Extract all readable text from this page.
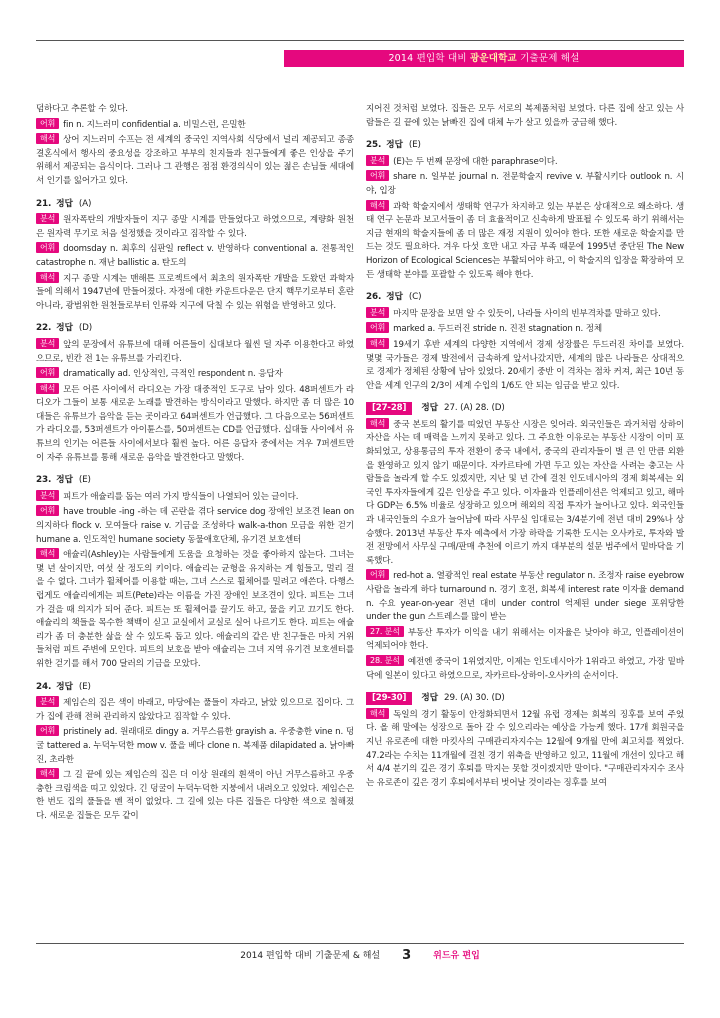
2014 편입학 대비 광운대학교 기출문제 해설

덤하다고 추론할 수 있다.

어휘 fin n. 지느러미 confidential a. 비밀스런, 은밀한

해석 상어 지느러미 수프는 전 세계의 중국인 지역사회 식당에서 널리 제공되고 종종 결혼식에서 행사의 중요성을 강조하고 부부의 친지들과 친구들에게 좋은 인상을 주기 위해서 제공되는 음식이다. 그러나 그 관행은 점점 환경의식이 있는 젊은 손님들 세대에서 인기를 잃어가고 있다.

21. 정답 (A)

분석 원자폭탄의 개발자들이 지구 종말 시계를 만들었다고 하였으므로, 계량화 원천은 원자력 무기로 처음 설정했을 것이라고 짐작할 수 있다.

어휘 doomsday n. 최후의 심판일 reflect v. 반영하다 conventional a. 전통적인 catastrophe n. 재난 ballistic a. 탄도의

해석 지구 종말 시계는 맨해튼 프로젝트에서 최초의 원자폭탄 개발을 도왔던 과학자들에 의해서 1947년에 만들어졌다. 자정에 대한 카운트다운은 단지 핵무기로부터 혼란 아니라, 광범위한 원천들로부터 인류와 지구에 닥칠 수 있는 위험을 반영하고 있다.

22. 정답 (D)

분석 앞의 문장에서 유튜브에 대해 어른들이 십대보다 월씬 덜 자주 이용한다고 하였으므로, 빈칸 전 1는 유튜브를 가리킨다.

어휘 dramatically ad. 인상적인, 극적인 respondent n. 응답자

해석 모든 어른 사이에서 라디오는 가장 대중적인 도구로 남아 있다. 48퍼센트가 라디오가 그들이 보통 새로운 노래를 발견하는 방식이라고 말했다. 하지만 좀 더 많은 10대들은 유튜브가 음악을 듣는 곳이라고 64퍼센트가 언급했다. 그 다음으로는 56퍼센트가 라디오를, 53퍼센트가 아이튠스를, 50퍼센트는 CD를 언급했다. 십대들 사이에서 유튜브의 인기는 어른들 사이에서보다 훨씬 높다. 어른 응답자 중에서는 겨우 7퍼센트만이 자주 유튜브를 통해 새로운 음악을 발견한다고 말했다.

23. 정답 (E)

분석 피트가 애슐리를 돕는 여러 가지 방식들이 나열되어 있는 글이다.

어휘 have trouble -ing -하는 데 곤란을 겪다 service dog 장애인 보조견 lean on 의지하다 flock v. 모여들다 raise v. 기금을 조성하다 walk-a-thon 모금을 위한 걷기 humane a. 인도적인 humane society 동물애호단체, 유기견 보호센터

해석 애슐리(Ashley)는 사람들에게 도움을 요청하는 것을 좋아하지 않는다. 그녀는 몇 년 살이지만, 여섯 살 정도의 키이다. 애슐리는 균형을 유지하는 게 힘들고, 멀리 걸을 수 없다. 그녀가 휠체어를 이용할 때는, 그녀 스스로 휠체어를 밀려고 애쓴다. 다행스럽게도 애슐리에게는 피트(Pete)라는 이름을 가진 장애인 보조견이 있다. 피트는 그녀가 걸을 때 의지가 되어 준다. 피트는 또 휠체어를 끌기도 하고, 물을 키고 끄기도 한다. 애슐리의 책들을 목수한 책백이 싣고 교실에서 교실로 실어 나르기도 한다. 피트는 애슐리가 좀 더 충분한 삶을 살 수 있도록 돕고 있다. 애슐리의 같은 반 친구들은 마치 거위들처럼 피트 주변에 모인다. 피트의 보호을 받아 애슐리는 그녀 지역 유기견 보호센터를 위한 걷기를 해서 700 달러의 기금을 모았다.

24. 정답 (E)

분석 제임슨의 집은 색이 바래고, 마당에는 풀들이 자라고, 낡았 있으므로 집이다. 그가 집에 관해 전혀 관리하지 않았다고 짐작할 수 있다.

어휘 pristinely ad. 원래대로 dingy a. 거무스름한 grayish a. 우중충한 vine n. 덩굴 tattered a. 누덕누덕한 mow v. 풀을 베다 clone n. 복제품 dilapidated a. 낡아빠진, 초라한

해석 그 길 끝에 있는 제임슨의 집은 더 이상 원래의 흰색이 아닌 거무스름하고 우중충한 크림색을 띠고 있었다. 긴 덩굴이 누덕누덕한 지붕에서 내려오고 있었다. 제임슨은 한 번도 집의 풀들을 벤 적이 없었다. 그 길에 있는 다른 집들은 다양한 색으로 칠해졌다. 새로운 집들은 모두 같이

지어진 것처럼 보였다. 집들은 모두 서로의 복제품처럼 보였다. 다른 집에 살고 있는 사람들은 길 끝에 있는 낡빠진 집에 대체 누가 살고 있을까 궁금해 했다.

25. 정답 (E)

분석 (E)는 두 번째 문장에 대한 paraphrase이다.

어휘 share n. 일부분 journal n. 전문학술지 revive v. 부활시키다 outlook n. 시야, 입장

해석 과학 학술지에서 생태학 연구가 차지하고 있는 부분은 상대적으로 왜소하다. 생태 연구 논문과 보고서들이 좀 더 효율적이고 신속하게 발표될 수 있도록 하기 위해서는 지금 현재의 학술지들에 좀 더 많은 재정 지원이 있어야 한다. 또한 새로운 학술지를 만드는 것도 필요하다. 겨우 다섯 호만 내고 자금 부족 때문에 1995년 중단된 The New Horizon of Ecological Sciences는 부활되어야 하고, 이 학술지의 입장을 확장하여 모든 생태학 분야를 포괄할 수 있도록 해야 한다.

26. 정답 (C)

분석 마지막 문장을 보면 알 수 있듯이, 나라들 사이의 빈부격차를 말하고 있다.

어휘 marked a. 두드러진 stride n. 진전 stagnation n. 정체

해석 19세기 후반 세계의 다양한 지역에서 경제 성장률은 두드러진 차이를 보였다. 몇몇 국가들은 경제 발전에서 급속하게 앞서나갔지만, 세계의 많은 나라들은 상대적으로 경제가 정체된 상황에 남아 있었다. 20세기 중반 이 격차는 점차 커져, 최근 10년 동안을 세계 인구의 2/3이 세계 수입의 1/6도 안 되는 임금을 받고 있다.

[27-28] 정답 27. (A) 28. (D)

해석 중국 본토의 활기를 띠었던 부동산 시장은 잊어라. 외국인들은 과거처럼 상하이 자산을 사는 데 매력을 느끼지 못하고 있다. 그 주요한 이유로는 부동산 시장이 이미 포화되었고, 상용통금의 투자 전환이 중국 내에서, 중국의 관리자들이 벌 큰 인 만큼 외환을 환영하고 있지 않기 때문이다. 자카르타에 가면 두고 있는 자산을 사려는 충고는 사람들을 놀라게 할 수도 있겠지만, 지난 및 년 간에 걸친 인도네시아의 경제 회복세는 외국인 투자자들에게 깊은 인상을 주고 있다. 이자율과 인플레이션은 억제되고 있고, 해마다 GDP는 6.5% 비율로 성장하고 있으며 해외의 직접 투자가 늘어나고 있다. 외국인들과 내국인들의 수요가 늘어남에 따라 사무실 임대료는 3/4분기에 전년 대비 29%나 상승했다. 2013년 부동산 투자 예측에서 가장 하락을 기록한 도시는 오사카로, 투자와 발전 전망에서 사무실 구매/판매 추천에 이르기 까지 대부분의 설문 범주에서 밑바닥을 기록했다.

어휘 red-hot a. 열광적인 real estate 부동산 regulator n. 조정자 raise eyebrow 사람을 놀라게 하다 turnaround n. 경기 호전, 회복세 interest rate 이자율 demand n. 수요 year-on-year 전년 대비 under control 억제된 under siege 포위당한 under the gun 스트레스를 많이 받는

27. 분석 부동산 투자가 이익을 내기 위해서는 이자율은 낮아야 하고, 인플레이션이 억제되어야 한다.

28. 분석 예전엔 중국이 1위였지만, 이제는 인도네시아가 1위라고 하였고, 가장 밑바닥에 일본이 있다고 하였으므로, 자카르타-상하이-오사카의 순서이다.

[29-30] 정답 29. (A) 30. (D)

해석 독일의 경기 활동이 안정화되면서 12월 유럽 경제는 회복의 징후를 보여 주었다. 올 해 말에는 성장으로 돌아 갈 수 있으리라는 예상을 가능케 했다. 17개 회원국을 지닌 유로존에 대한 마킷사의 구매관리자지수는 12월에 9개월 만에 최고치를 찍었다. 47.2라는 수치는 11개월에 걸친 경기 위축을 반영하고 있고, 11월에 개선이 있다고 해서 4/4 분기의 깊은 경기 후퇴를 막지는 못할 것이겠지만 말이다. "구매관리자지수 조사는 유로존이 깊은 경기 후퇴에서부터 벗어날 것이라는 징후를 보여

2014 편입학 대비 기출문제 & 해설 3 위드유 편입
